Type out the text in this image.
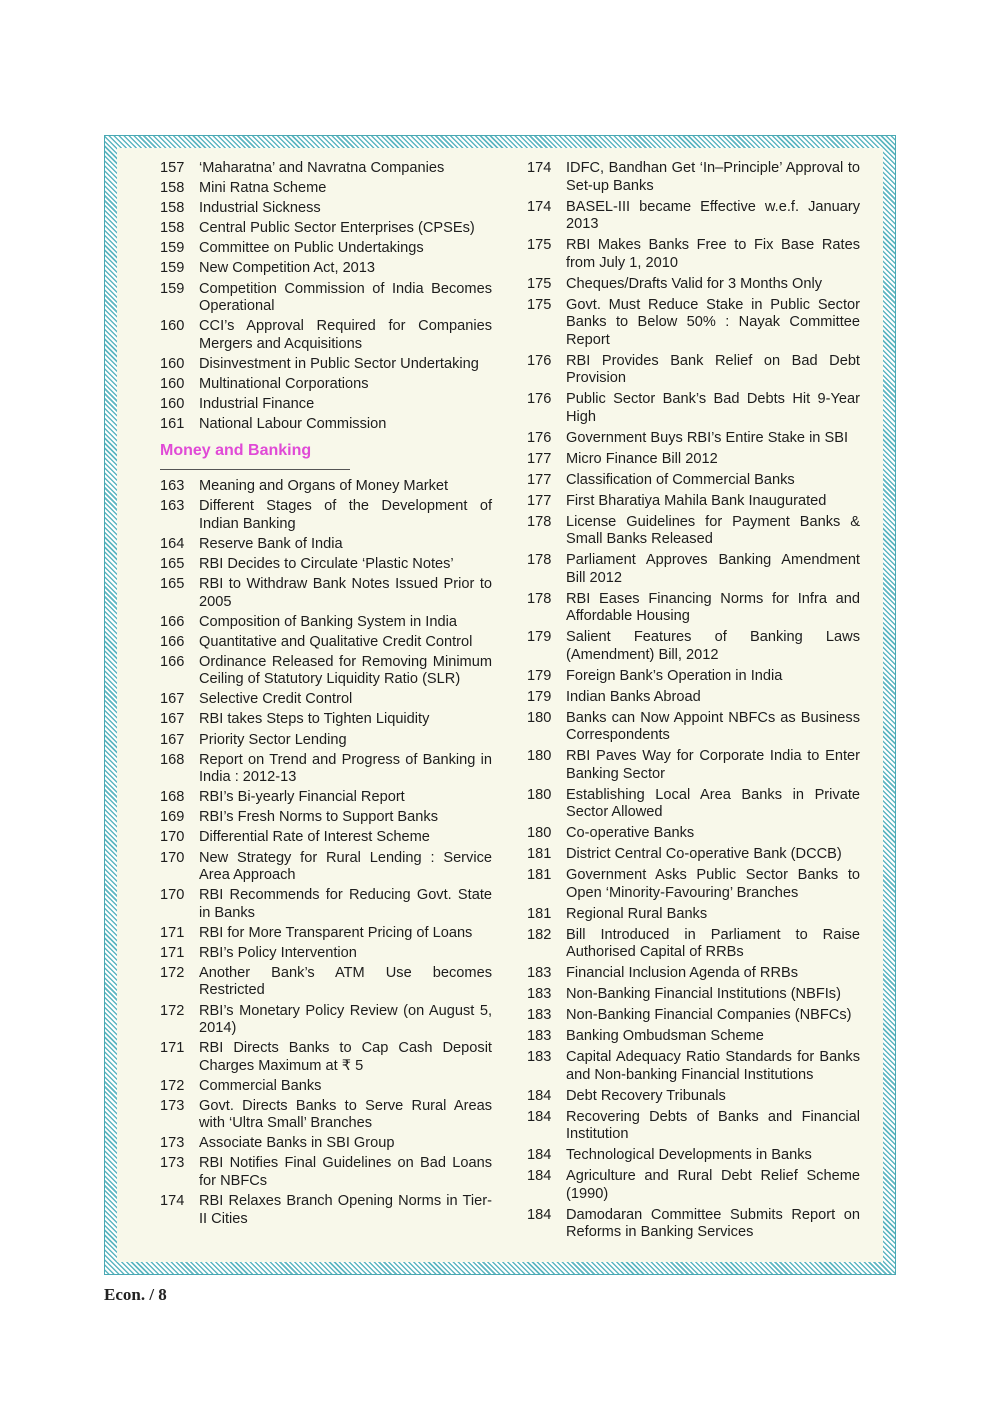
157	‘Maharatna’ and Navratna Companies
158	Mini Ratna Scheme
158	Industrial Sickness
158	Central Public Sector Enterprises (CPSEs)
159	Committee on Public Undertakings
159	New Competition Act, 2013
159	Competition Commission of India Becomes Operational
160	CCI’s Approval Required for Companies Mergers and Acquisitions
160	Disinvestment in Public Sector Undertaking
160	Multinational Corporations
160	Industrial Finance
161	National Labour Commission
Money and Banking
163	Meaning and Organs of Money Market
163	Different Stages of the Development of Indian Banking
164	Reserve Bank of India
165	RBI Decides to Circulate ‘Plastic Notes’
165	RBI to Withdraw Bank Notes Issued Prior to 2005
166	Composition of Banking System in India
166	Quantitative and Qualitative Credit Control
166	Ordinance Released for Removing Minimum Ceiling of Statutory Liquidity Ratio (SLR)
167	Selective Credit Control
167	RBI takes Steps to Tighten Liquidity
167	Priority Sector Lending
168	Report on Trend and Progress of Banking in India : 2012-13
168	RBI’s Bi-yearly Financial Report
169	RBI’s Fresh Norms to Support Banks
170	Differential Rate of Interest Scheme
170	New Strategy for Rural Lending : Service Area Approach
170	RBI Recommends for Reducing Govt. State in Banks
171	RBI for More Transparent Pricing of Loans
171	RBI’s Policy Intervention
172	Another Bank’s ATM Use becomes Restricted
172	RBI’s Monetary Policy Review (on August 5, 2014)
171	RBI Directs Banks to Cap Cash Deposit Charges Maximum at ₹ 5
172	Commercial Banks
173	Govt. Directs Banks to Serve Rural Areas with ‘Ultra Small’ Branches
173	Associate Banks in SBI Group
173	RBI Notifies Final Guidelines on Bad Loans for NBFCs
174	RBI Relaxes Branch Opening Norms in Tier-II Cities
174	IDFC, Bandhan Get ‘In–Principle’ Approval to Set-up Banks
174	BASEL-III became Effective w.e.f. January 2013
175	RBI Makes Banks Free to Fix Base Rates from July 1, 2010
175	Cheques/Drafts Valid for 3 Months Only
175	Govt. Must Reduce Stake in Public Sector Banks to Below 50% : Nayak Committee Report
176	RBI Provides Bank Relief on Bad Debt Provision
176	Public Sector Bank’s Bad Debts Hit 9-Year High
176	Government Buys RBI’s Entire Stake in SBI
177	Micro Finance Bill 2012
177	Classification of Commercial Banks
177	First Bharatiya Mahila Bank Inaugurated
178	License Guidelines for Payment Banks & Small Banks Released
178	Parliament Approves Banking Amendment Bill 2012
178	RBI Eases Financing Norms for Infra and Affordable Housing
179	Salient Features of Banking Laws (Amendment) Bill, 2012
179	Foreign Bank’s Operation in India
179	Indian Banks Abroad
180	Banks can Now Appoint NBFCs as Business Correspondents
180	RBI Paves Way for Corporate India to Enter Banking Sector
180	Establishing Local Area Banks in Private Sector Allowed
180	Co-operative Banks
181	District Central Co-operative Bank (DCCB)
181	Government Asks Public Sector Banks to Open ‘Minority-Favouring’ Branches
181	Regional Rural Banks
182	Bill Introduced in Parliament to Raise Authorised Capital of RRBs
183	Financial Inclusion Agenda of RRBs
183	Non-Banking Financial Institutions (NBFIs)
183	Non-Banking Financial Companies (NBFCs)
183	Banking Ombudsman Scheme
183	Capital Adequacy Ratio Standards for Banks and Non-banking Financial Institutions
184	Debt Recovery Tribunals
184	Recovering Debts of Banks and Financial Institution
184	Technological Developments in Banks
184	Agriculture and Rural Debt Relief Scheme (1990)
184	Damodaran Committee Submits Report on Reforms in Banking Services
Econ. / 8
